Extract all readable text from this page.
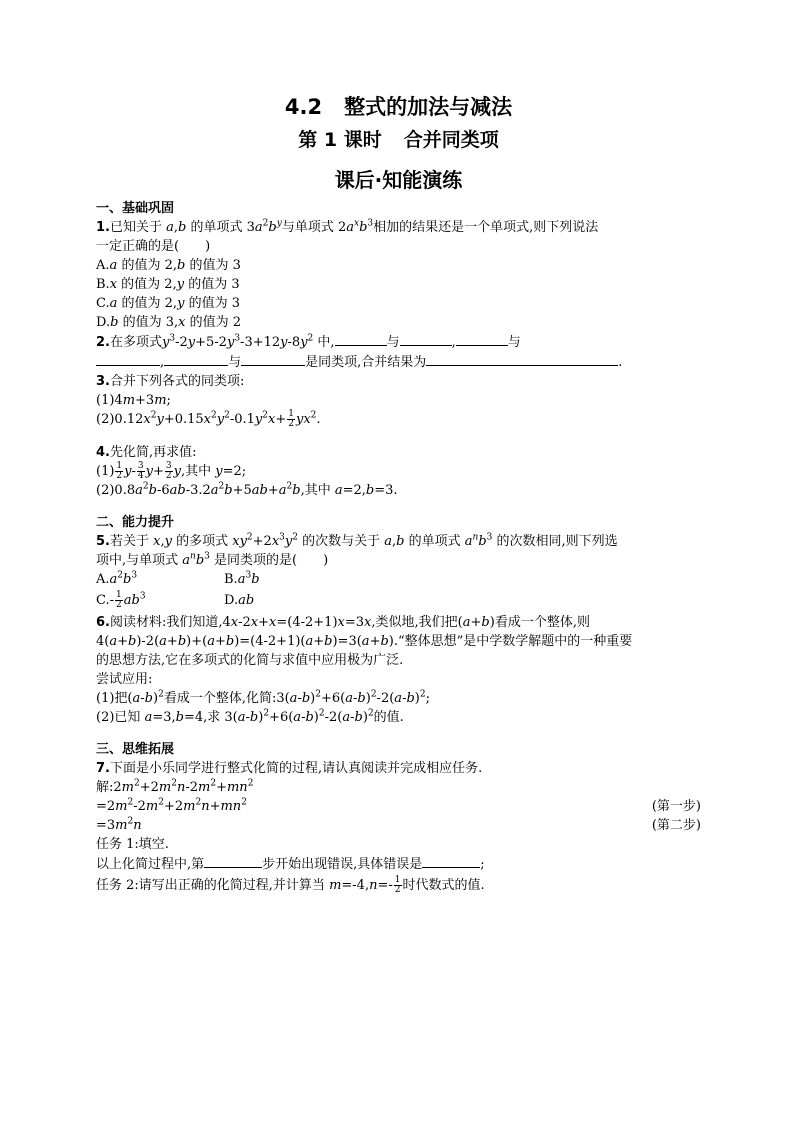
4.2 整式的加法与减法

第 1 课时 合并同类项

课后·知能演练

一、基础巩固

1.已知关于 a,b 的单项式 $3a^2b^y$与单项式 $2a^xb^3$相加的结果还是一个单项式,则下列说法

一定正确的是(　　)

A.a 的值为 2,b 的值为 3

B.x 的值为 2,y 的值为 3

C.a 的值为 2,y 的值为 3

D.b 的值为 3,x 的值为 2

2.在多项式$y^3-2y+5-2y^3-3+12y-8y^2$ 中,	与	,	与

,	与	是同类项,合并结果为	.

3.合并下列各式的同类项:

(1)4m+3m;

$(2)0.12x^2y+0.15x^2y^2-0.1y^2x+ \frac{1}{2} yx^2$.

4.先化简,再求值:

$(1) \frac{1}{2} y- \frac{3}{4} y+ \frac{3}{2} y$,其中 y=2;

$(2)0.8a^2b-6ab-3.2a^2b+5ab+a^2b$,其中 a=2,b=3.

二、能力提升

5.若关于 x,y 的多项式 $xy^2+2x^3y^2$ 的次数与关于 a,b 的单项式 $a^nb^3$ 的次数相同,则下列选

项中,与单项式 $a^nb^3$ 是同类项的是(　　)

$A.a^2b^3$	$B.a^3b$
$C.- \frac{1}{2} ab^3$	D.ab

6.阅读材料:我们知道,4x-2x+x=(4-2+1)x=3x,类似地,我们把(a+b)看成一个整体,则

4(a+b)-2(a+b)+(a+b)=(4-2+1)(a+b)=3(a+b).“整体思想”是中学数学解题中的一种重要

的思想方法,它在多项式的化简与求值中应用极为广泛.

尝试应用:

(1)把$(a-b)^2$看成一个整体,化简$:3(a-b)^2+6(a-b)^2-2(a-b)^2$;

(2)已知 a=3,b=4,求 $3(a-b)^2+6(a-b)^2-2(a-b)^2$的值.

三、思维拓展

7.下面是小乐同学进行整式化简的过程,请认真阅读并完成相应任务.

解$:2m^2+2m^2n-2m^2+mn^2$

$=2m^2-2m^2+2m^2n+mn^2$	(第一步)
$=3m^2n$	(第二步)

任务 1:填空.

以上化简过程中,第	步开始出现错误,具体错误是	;

任务 2:请写出正确的化简过程,并计算当 $m=-4,n=- \frac{1}{2}$ 时代数式的值.
